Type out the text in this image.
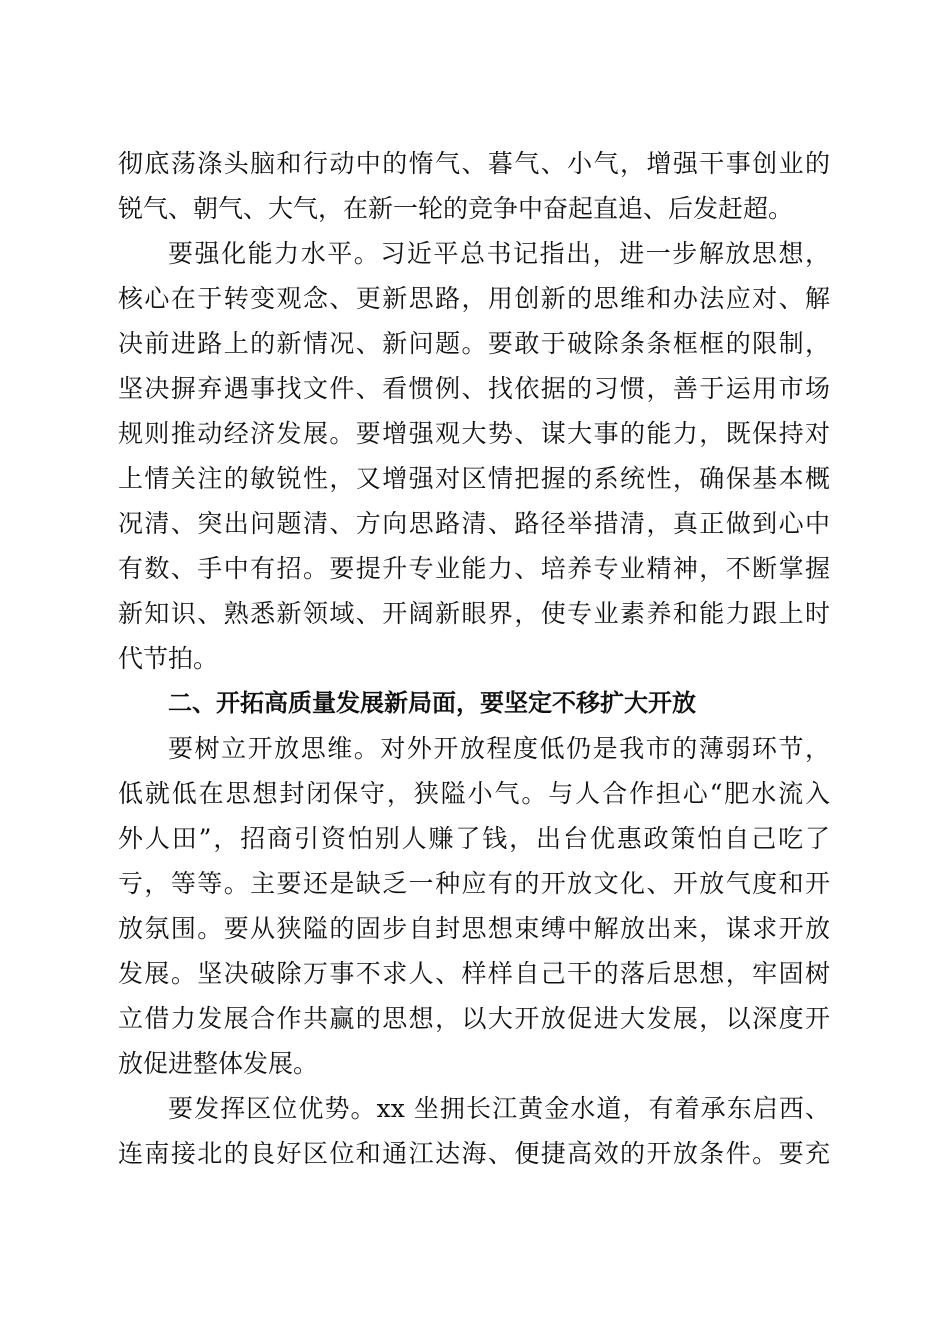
彻底荡涤头脑和行动中的惰气、暮气、小气，增强干事创业的
锐气、朝气、大气，在新一轮的竞争中奋起直追、后发赶超。
要强化能力水平。习近平总书记指出，进一步解放思想，
核心在于转变观念、更新思路，用创新的思维和办法应对、解
决前进路上的新情况、新问题。要敢于破除条条框框的限制，
坚决摒弃遇事找文件、看惯例、找依据的习惯，善于运用市场
规则推动经济发展。要增强观大势、谋大事的能力，既保持对
上情关注的敏锐性，又增强对区情把握的系统性，确保基本概
况清、突出问题清、方向思路清、路径举措清，真正做到心中
有数、手中有招。要提升专业能力、培养专业精神，不断掌握
新知识、熟悉新领域、开阔新眼界，使专业素养和能力跟上时
代节拍。
二、开拓高质量发展新局面，要坚定不移扩大开放
要树立开放思维。对外开放程度低仍是我市的薄弱环节，
低就低在思想封闭保守，狭隘小气。与人合作担心“肥水流入
外人田”，招商引资怕别人赚了钱，出台优惠政策怕自己吃了
亏，等等。主要还是缺乏一种应有的开放文化、开放气度和开
放氛围。要从狭隘的固步自封思想束缚中解放出来，谋求开放
发展。坚决破除万事不求人、样样自己干的落后思想，牢固树
立借力发展合作共赢的思想，以大开放促进大发展，以深度开
放促进整体发展。
要发挥区位优势。xx 坐拥长江黄金水道，有着承东启西、
连南接北的良好区位和通江达海、便捷高效的开放条件。要充
